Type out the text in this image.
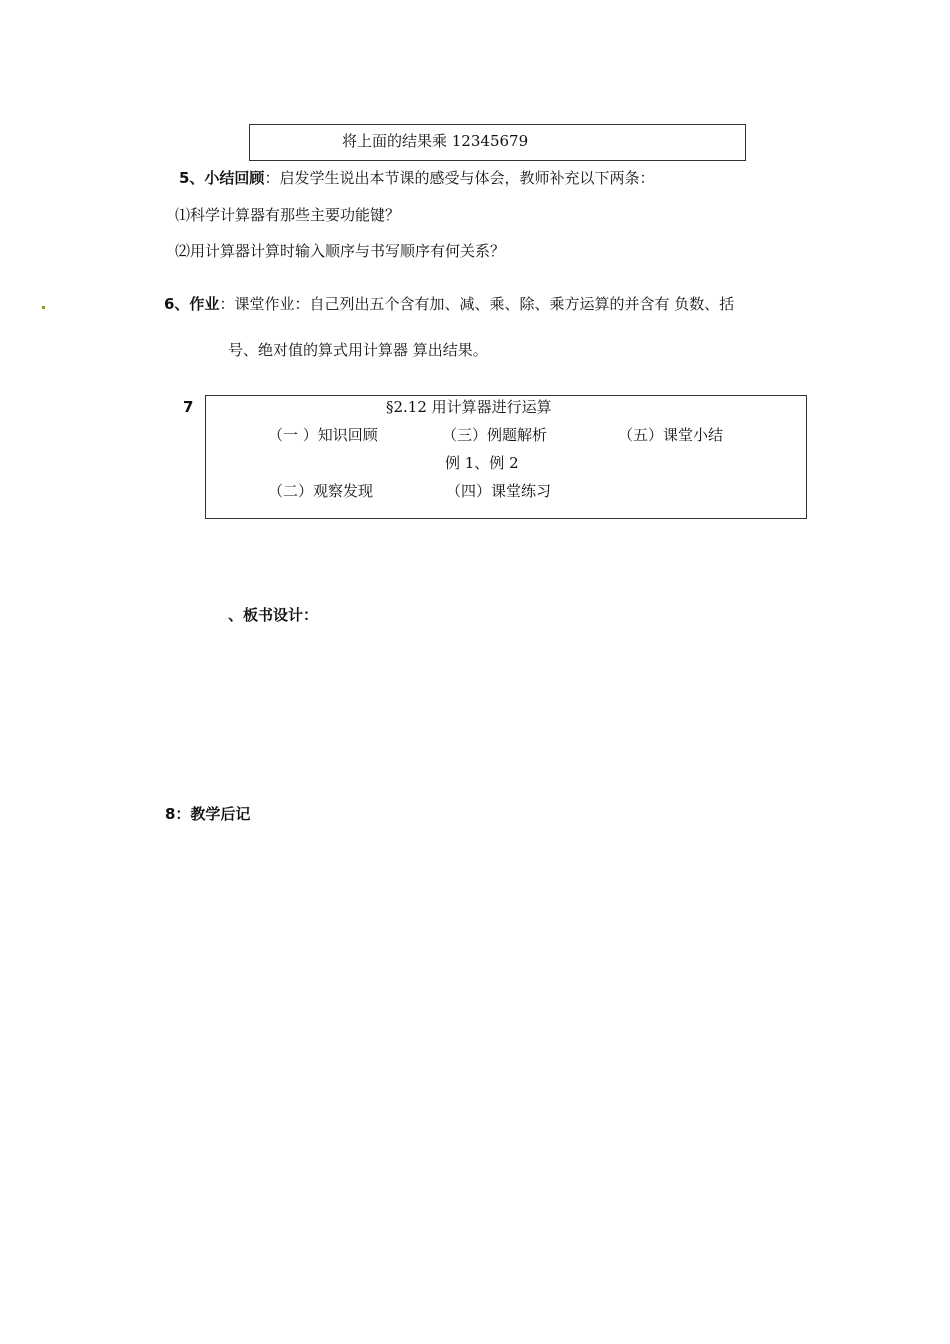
将上面的结果乘 12345679
5、小结回顾：启发学生说出本节课的感受与体会，教师补充以下两条：
⑴科学计算器有那些主要功能键？
⑵用计算器计算时输入顺序与书写顺序有何关系？
6、作业：课堂作业：自己列出五个含有加、减、乘、除、乘方运算的并含有 负数、括
号、绝对值的算式用计算器 算出结果。
7	§2.12 用计算器进行运算
（一 ）知识回顾	（三）例题解析	（五）课堂小结
例 1、例 2
（二）观察发现	（四）课堂练习
、板书设计：
8：教学后记
